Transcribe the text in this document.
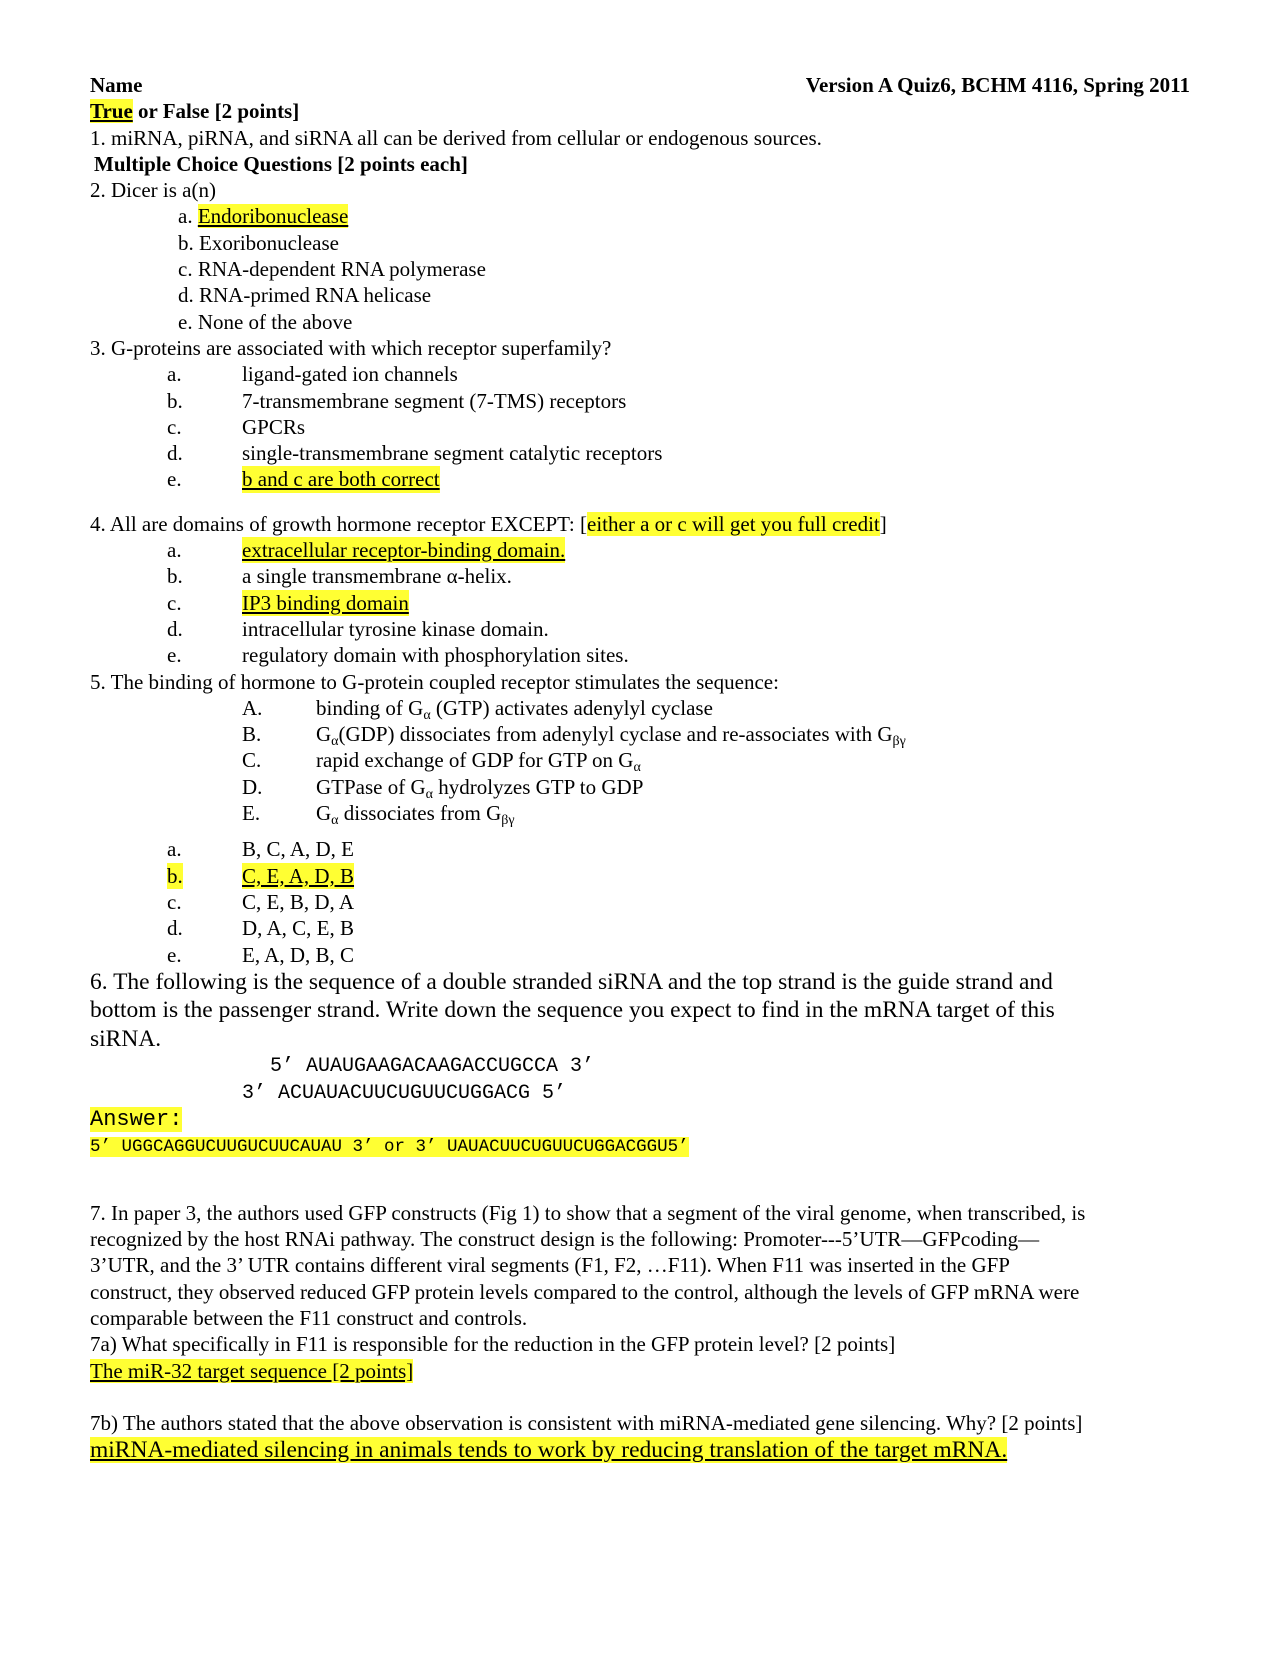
Name	Version A Quiz6, BCHM 4116, Spring 2011
True or False [2 points]
1. miRNA, piRNA, and siRNA all can be derived from cellular or endogenous sources.
Multiple Choice Questions [2 points each]
2. Dicer is a(n)
a. Endoribonuclease
b. Exoribonuclease
c. RNA-dependent RNA polymerase
d. RNA-primed RNA helicase
e. None of the above
3. G-proteins are associated with which receptor superfamily?
a.	ligand-gated ion channels
b.	7-transmembrane segment (7-TMS) receptors
c.	GPCRs
d.	single-transmembrane segment catalytic receptors
e.	b and c are both correct
4. All are domains of growth hormone receptor EXCEPT: [either a or c will get you full credit]
a.	extracellular receptor-binding domain.
b.	a single transmembrane α-helix.
c.	IP3 binding domain
d.	intracellular tyrosine kinase domain.
e.	regulatory domain with phosphorylation sites.
5. The binding of hormone to G-protein coupled receptor stimulates the sequence:
A.	binding of $G_\alpha$ (GTP) activates adenylyl cyclase
B.	$G_\alpha(GDP)$ dissociates from adenylyl cyclase and re-associates with $G_{\beta\gamma}$
C.	rapid exchange of GDP for GTP on $G_\alpha$
D.	GTPase of $G_\alpha$ hydrolyzes GTP to GDP
E.	$G_\alpha$ dissociates from $G_{\beta\gamma}$
a.	B, C, A, D, E
b.	C, E, A, D, B
c.	C, E, B, D, A
d.	D, A, C, E, B
e.	E, A, D, B, C
6. The following is the sequence of a double stranded siRNA and the top strand is the guide strand and
bottom is the passenger strand. Write down the sequence you expect to find in the mRNA target of this
siRNA.
5’ AUAUGAAGACAAGACCUGCCA 3’
3’ ACUAUACUUCUGUUCUGGACG 5’
Answer:
5’ UGGCAGGUCUUGUCUUCAUAU 3’ or 3’ UAUACUUCUGUUCUGGACGGU5’
7. In paper 3, the authors used GFP constructs (Fig 1) to show that a segment of the viral genome, when transcribed, is
recognized by the host RNAi pathway. The construct design is the following: Promoter---5’UTR—GFPcoding—
3’UTR, and the 3’ UTR contains different viral segments (F1, F2, …F11). When F11 was inserted in the GFP
construct, they observed reduced GFP protein levels compared to the control, although the levels of GFP mRNA were
comparable between the F11 construct and controls.
7a) What specifically in F11 is responsible for the reduction in the GFP protein level? [2 points]
The miR-32 target sequence [2 points]
7b) The authors stated that the above observation is consistent with miRNA-mediated gene silencing. Why? [2 points]
miRNA-mediated silencing in animals tends to work by reducing translation of the target mRNA.
